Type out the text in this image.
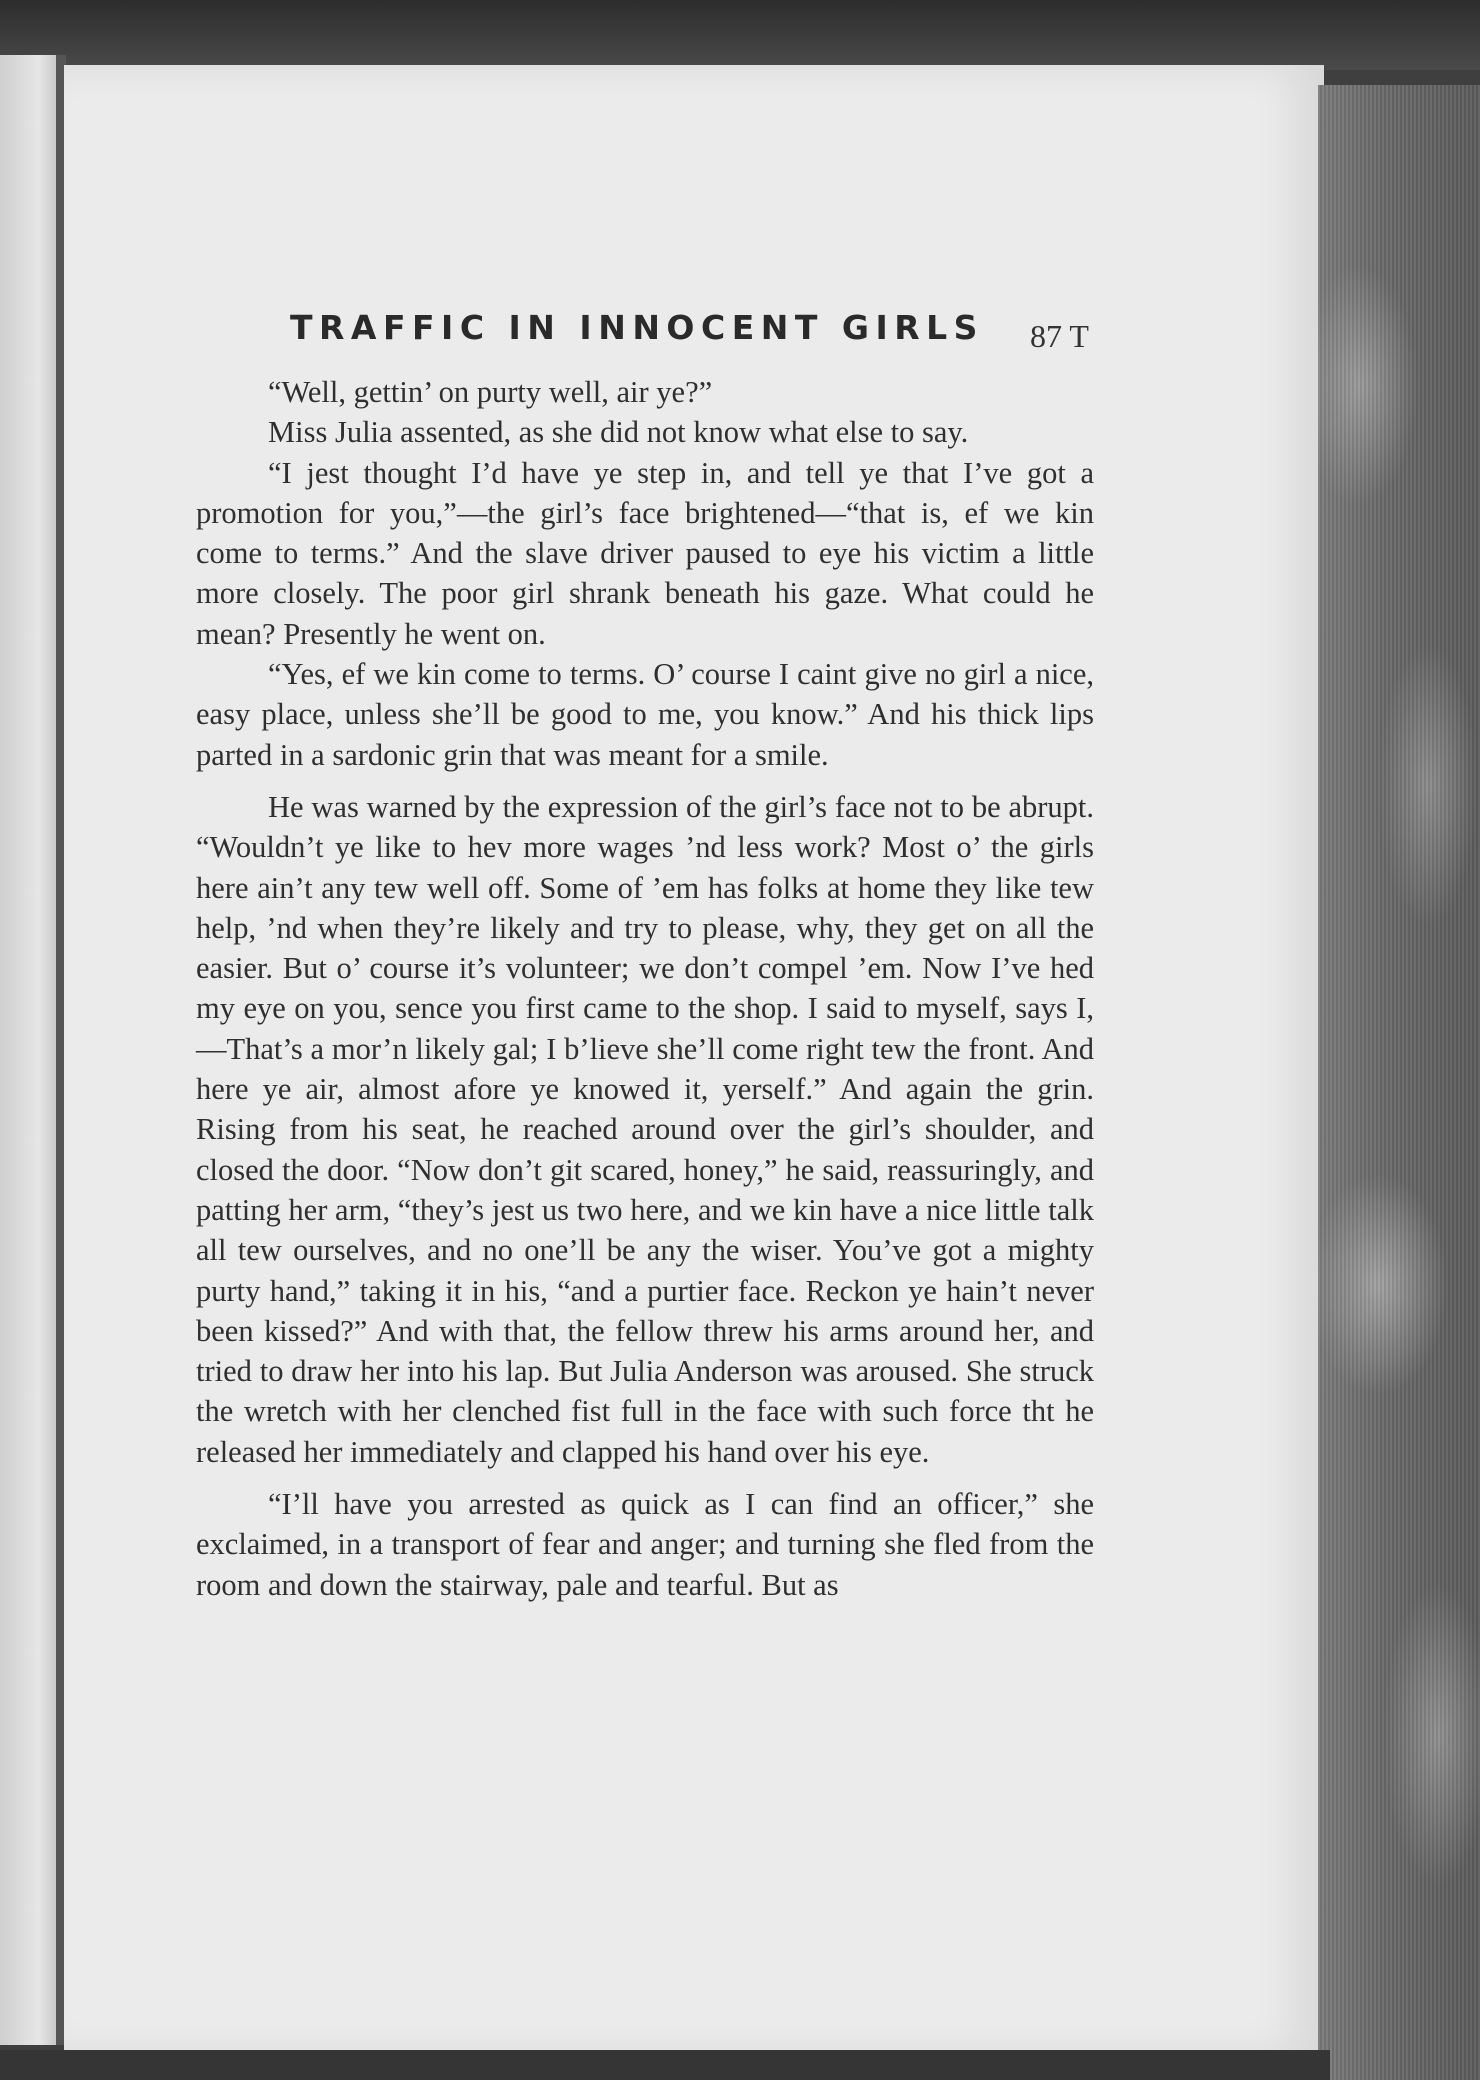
TRAFFIC IN INNOCENT GIRLS	87 T

“Well, gettin’ on purty well, air ye?”

Miss Julia assented, as she did not know what else to say.

“I jest thought I’d have ye step in, and tell ye that I’ve got a promotion for you,”—the girl’s face brightened—“that is, ef we kin come to terms.” And the slave driver paused to eye his victim a little more closely. The poor girl shrank beneath his gaze. What could he mean? Presently he went on.

“Yes, ef we kin come to terms. O’ course I caint give no girl a nice, easy place, unless she’ll be good to me, you know.” And his thick lips parted in a sardonic grin that was meant for a smile.

He was warned by the expression of the girl’s face not to be abrupt. “Wouldn’t ye like to hev more wages ’nd less work? Most o’ the girls here ain’t any tew well off. Some of ’em has folks at home they like tew help, ’nd when they’re likely and try to please, why, they get on all the easier. But o’ course it’s volunteer; we don’t compel ’em. Now I’ve hed my eye on you, sence you first came to the shop. I said to myself, says I,—That’s a mor’n likely gal; I b’lieve she’ll come right tew the front. And here ye air, almost afore ye knowed it, yerself.” And again the grin. Rising from his seat, he reached around over the girl’s shoulder, and closed the door. “Now don’t git scared, honey,” he said, reassuringly, and patting her arm, “they’s jest us two here, and we kin have a nice little talk all tew ourselves, and no one’ll be any the wiser. You’ve got a mighty purty hand,” taking it in his, “and a purtier face. Reckon ye hain’t never been kissed?” And with that, the fellow threw his arms around her, and tried to draw her into his lap. But Julia Anderson was aroused. She struck the wretch with her clenched fist full in the face with such force tht he released her immediately and clapped his hand over his eye.

“I’ll have you arrested as quick as I can find an officer,” she exclaimed, in a transport of fear and anger; and turning she fled from the room and down the stairway, pale and tearful. But as
